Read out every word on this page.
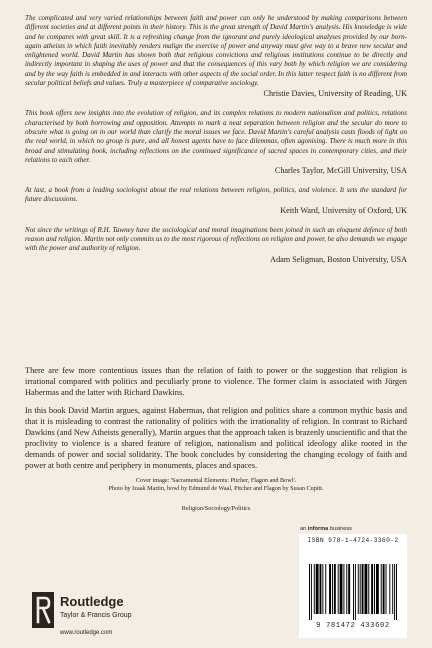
The complicated and very varied relationships between faith and power can only be understood by making comparisons between different societies and at different points in their history. This is the great strength of David Martin's analysis. His knowledge is wide and he compares with great skill. It is a refreshing change from the ignorant and purely ideological analyses provided by our born-again atheists in which faith inevitably renders malign the exercise of power and anyway must give way to a brave new secular and enlightened world. David Martin has shown both that religious convictions and religious institutions continue to be directly and indirectly important in shaping the uses of power and that the consequences of this vary both by which religion we are considering and by the way faith is embedded in and interacts with other aspects of the social order. In this latter respect faith is no different from secular political beliefs and values. Truly a masterpiece of comparative sociology.

Christie Davies, University of Reading, UK

This book offers new insights into the evolution of religion, and its complex relations to modern nationalism and politics, relations characterised by both borrowing and opposition. Attempts to mark a neat separation between religion and the secular do more to obscure what is going on in our world than clarify the moral issues we face. David Martin's careful analysis casts floods of light on the real world, in which no group is pure, and all honest agents have to face dilemmas, often agonising. There is much more in this broad and stimulating book, including reflections on the continued significance of sacred spaces in contemporary cities, and their relations to each other.

Charles Taylor, McGill University, USA

At last, a book from a leading sociologist about the real relations between religion, politics, and violence. It sets the standard for future discussions.

Keith Ward, University of Oxford, UK

Not since the writings of R.H. Tawney have the sociological and moral imaginations been joined in such an eloquent defence of both reason and religion. Martin not only commits us to the most rigorous of reflections on religion and power, he also demands we engage with the power and authority of religion.

Adam Seligman, Boston University, USA

There are few more contentious issues than the relation of faith to power or the suggestion that religion is irrational compared with politics and peculiarly prone to violence. The former claim is associated with Jürgen Habermas and the latter with Richard Dawkins.

In this book David Martin argues, against Habermas, that religion and politics share a common mythic basis and that it is misleading to contrast the rationality of politics with the irrationality of religion. In contrast to Richard Dawkins (and New Atheists generally), Martin argues that the approach taken is brazenly unscientific and that the proclivity to violence is a shared feature of religion, nationalism and political ideology alike rooted in the demands of power and social solidarity. The book concludes by considering the changing ecology of faith and power at both centre and periphery in monuments, places and spaces.

Cover image: 'Sacramental Elements: Pitcher, Flagon and Bowl'.
Photo by Izaak Martin, bowl by Edmund de Waal, Pitcher and Flagon by Susan Cupitt.
Religion/Sociology/Politics
Routledge
Taylor & Francis Group
www.routledge.com
an informa business
ISBN 978-1-4724-3360-2
9 781472 433602
